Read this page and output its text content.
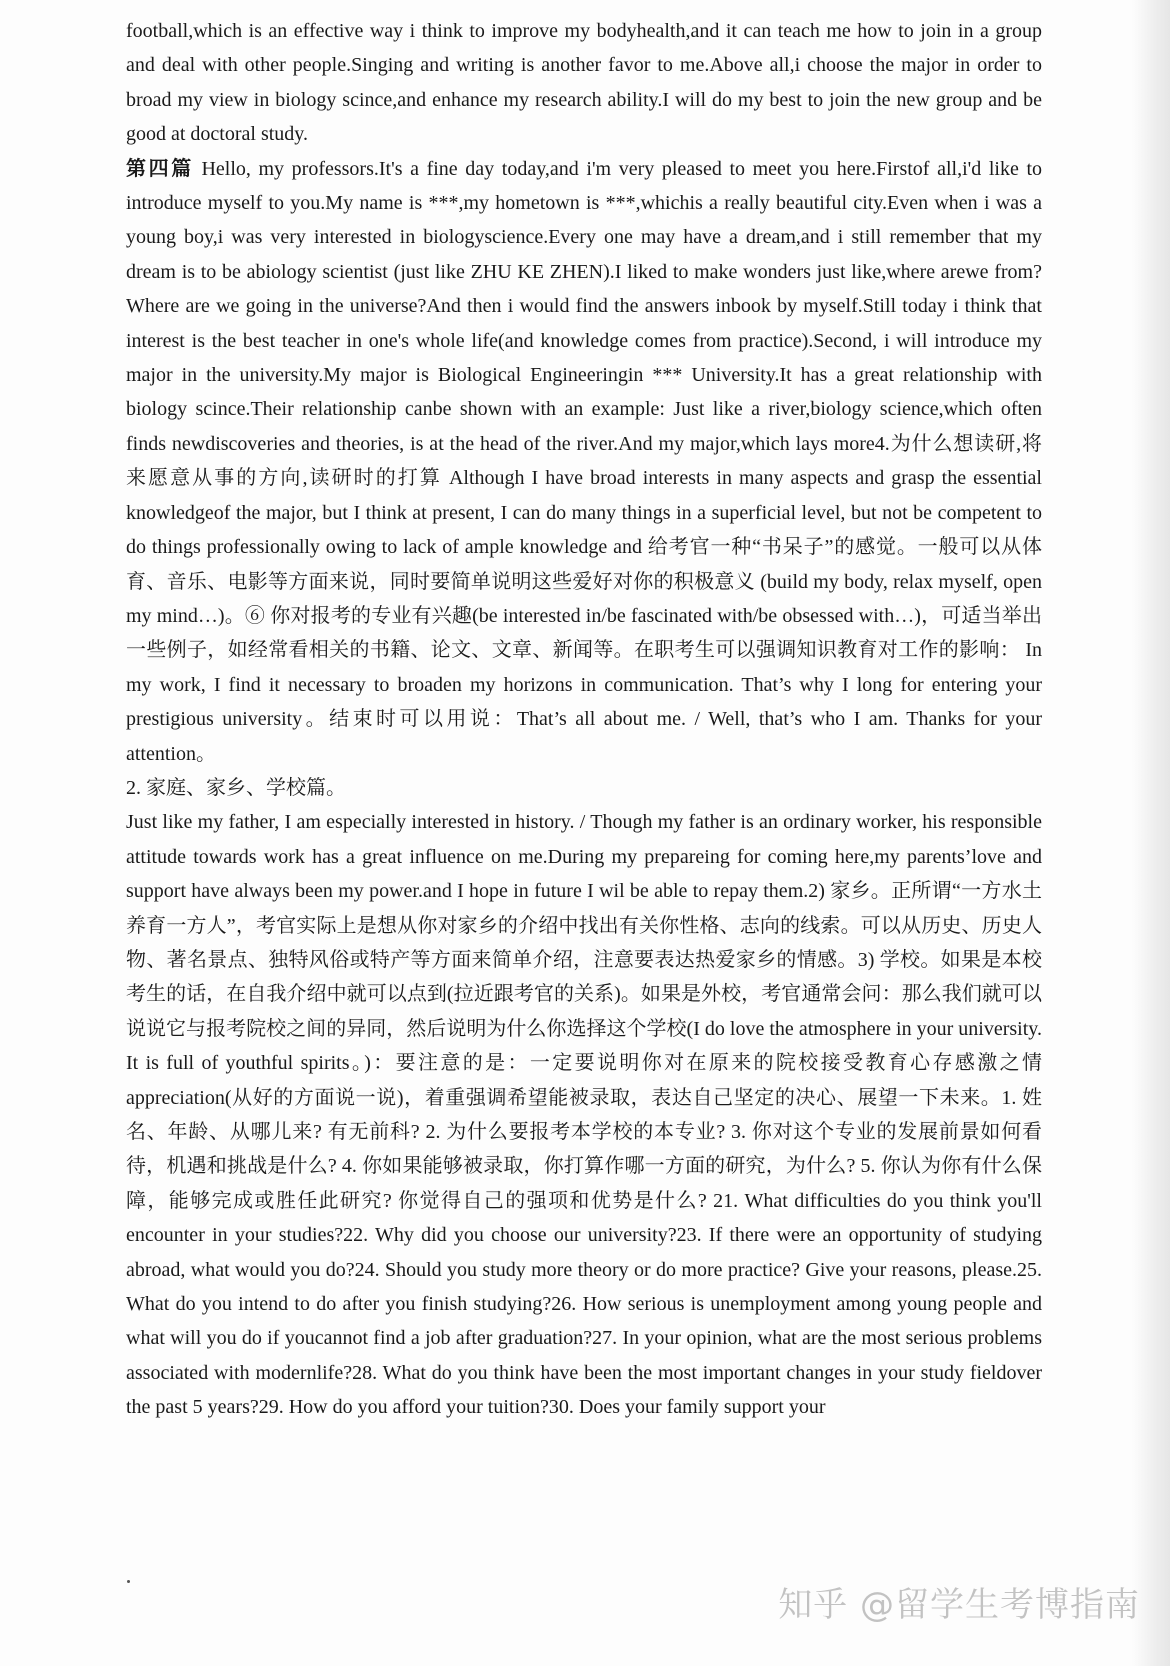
football,which is an effective way i think to improve my bodyhealth,and it can teach me how to join in a group and deal with other people.Singing and writing is another favor to me.Above all,i choose the major in order to broad my view in biology scince,and enhance my research ability.I will do my best to join the new group and be good at doctoral study.

第四篇 Hello, my professors.It's a fine day today,and i'm very pleased to meet you here.Firstof all,i'd like to introduce myself to you.My name is ***,my hometown is ***,whichis a really beautiful city.Even when i was a young boy,i was very interested in biologyscience.Every one may have a dream,and i still remember that my dream is to be abiology scientist (just like ZHU KE ZHEN).I liked to make wonders just like,where arewe from?Where are we going in the universe?And then i would find the answers inbook by myself.Still today i think that interest is the best teacher in one's whole life(and knowledge comes from practice).Second, i will introduce my major in the university.My major is Biological Engineeringin *** University.It has a great relationship with biology scince.Their relationship canbe shown with an example: Just like a river,biology science,which often finds newdiscoveries and theories, is at the head of the river.And my major,which lays more4.为什么想读研,将来愿意从事的方向,读研时的打算 Although I have broad interests in many aspects and grasp the essential knowledgeof the major, but I think at present, I can do many things in a superficial level, but not be competent to do things professionally owing to lack of ample knowledge and 给考官一种“书呆子”的感觉。一般可以从体育、音乐、电影等方面来说，同时要简单说明这些爱好对你的积极意义 (build my body, relax myself, open my mind…)。⑥ 你对报考的专业有兴趣(be interested in/be fascinated with/be obsessed with…)，可适当举出一些例子，如经常看相关的书籍、论文、文章、新闻等。在职考生可以强调知识教育对工作的影响： In my work, I find it necessary to broaden my horizons in communication. That’s why I long for entering your prestigious university。结束时可以用说：That’s all about me. / Well, that’s who I am. Thanks for your attention。

2. 家庭、家乡、学校篇。

Just like my father, I am especially interested in history. / Though my father is an ordinary worker, his responsible attitude towards work has a great influence on me.During my prepareing for coming here,my parents’love and support have always been my power.and I hope in future I wil be able to repay them.2) 家乡。正所谓“一方水土养育一方人”，考官实际上是想从你对家乡的介绍中找出有关你性格、志向的线索。可以从历史、历史人物、著名景点、独特风俗或特产等方面来简单介绍，注意要表达热爱家乡的情感。3) 学校。如果是本校考生的话，在自我介绍中就可以点到(拉近跟考官的关系)。如果是外校，考官通常会问：那么我们就可以说说它与报考院校之间的异同，然后说明为什么你选择这个学校(I do love the atmosphere in your university. It is full of youthful spirits。)：要注意的是：一定要说明你对在原来的院校接受教育心存感激之情appreciation(从好的方面说一说)，着重强调希望能被录取，表达自己坚定的决心、展望一下未来。1. 姓名、年龄、从哪儿来? 有无前科? 2. 为什么要报考本学校的本专业? 3. 你对这个专业的发展前景如何看待，机遇和挑战是什么? 4. 你如果能够被录取，你打算作哪一方面的研究，为什么? 5. 你认为你有什么保障，能够完成或胜任此研究? 你觉得自己的强项和优势是什么? 21. What difficulties do you think you'll encounter in your studies?22. Why did you choose our university?23. If there were an opportunity of studying abroad, what would you do?24. Should you study more theory or do more practice? Give your reasons, please.25. What do you intend to do after you finish studying?26. How serious is unemployment among young people and what will you do if youcannot find a job after graduation?27. In your opinion, what are the most serious problems associated with modernlife?28. What do you think have been the most important changes in your study fieldover the past 5 years?29. How do you afford your tuition?30. Does your family support your

知乎 @留学生考博指南
